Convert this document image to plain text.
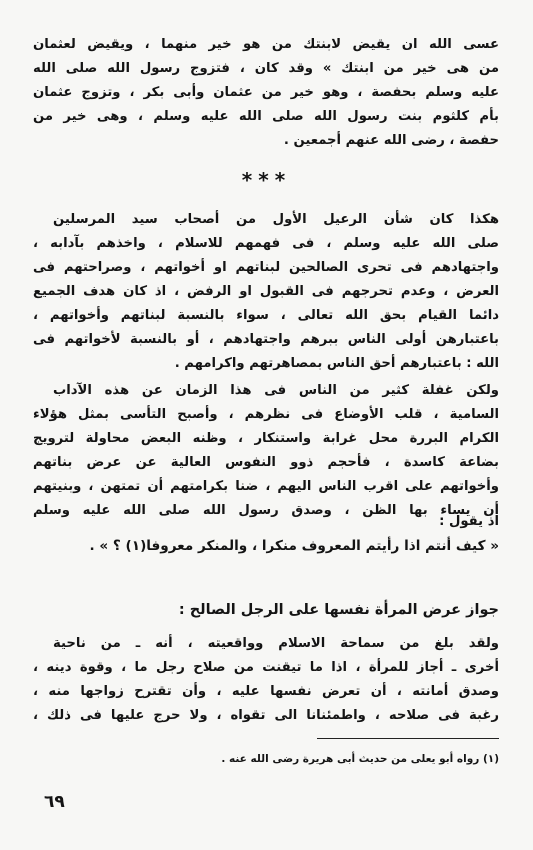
عسى الله ان يقيض لابنتك من هو خير منهما ، ويقيض لعثمان
من هى خير من ابنتك » وقد كان ، فتزوج رسول الله صلى الله
عليه وسلم بحفصة ، وهو خير من عثمان وأبى بكر ، وتزوج عثمان
بأم كلثوم بنت رسول الله صلى الله عليه وسلم ، وهى خير من
حفصة ، رضى الله عنهم أجمعين .
***
هكذا كان شأن الرعيل الأول من أصحاب سيد المرسلين
صلى الله عليه وسلم ، فى فهمهم للاسلام ، واخذهم بآدابه ،
واجتهادهم فى تحرى الصالحين لبناتهم او أخواتهم ، وصراحتهم فى
العرض ، وعدم تحرجهم فى القبول او الرفض ، اذ كان هدف الجميع
دائما القيام بحق الله تعالى ، سواء بالنسبة لبناتهم وأخواتهم ،
باعتبارهن أولى الناس ببرهم واجتهادهم ، أو بالنسبة لأخواتهم فى
الله : باعتبارهم أحق الناس بمصاهرتهم واكرامهم .
ولكن غفلة كثير من الناس فى هذا الزمان عن هذه الآداب
السامية ، قلب الأوضاع فى نظرهم ، وأصبح التأسى بمثل هؤلاء
الكرام البررة محل غرابة واستنكار ، وظنه البعض محاولة لترويج
بضاعة كاسدة ، فأحجم ذوو النفوس العالية عن عرض بناتهم
وأخواتهم على اقرب الناس اليهم ، ضنا بكرامتهم أن تمتهن ، وبنيتهم
أن يساء بها الظن ، وصدق رسول الله صلى الله عليه وسلم
اذ يقول :
« كيف أنتم اذا رأيتم المعروف منكرا ، والمنكر معروفا(١) ؟ » .
جواز عرض المرأة نفسها على الرجل الصالح :
ولقد بلغ من سماحة الاسلام وواقعيته ، أنه ـ من ناحية
أخرى ـ أجاز للمرأة ، اذا ما تيقنت من صلاح رجل ما ، وقوة دينه ،
وصدق أمانته ، أن تعرض نفسها عليه ، وأن تقترح زواجها منه ،
رغبة فى صلاحه ، واطمئنانا الى تقواه ، ولا حرج عليها فى ذلك ،
(١) رواه أبو يعلى من حديث أبى هريرة رضى الله عنه .
٦٩
